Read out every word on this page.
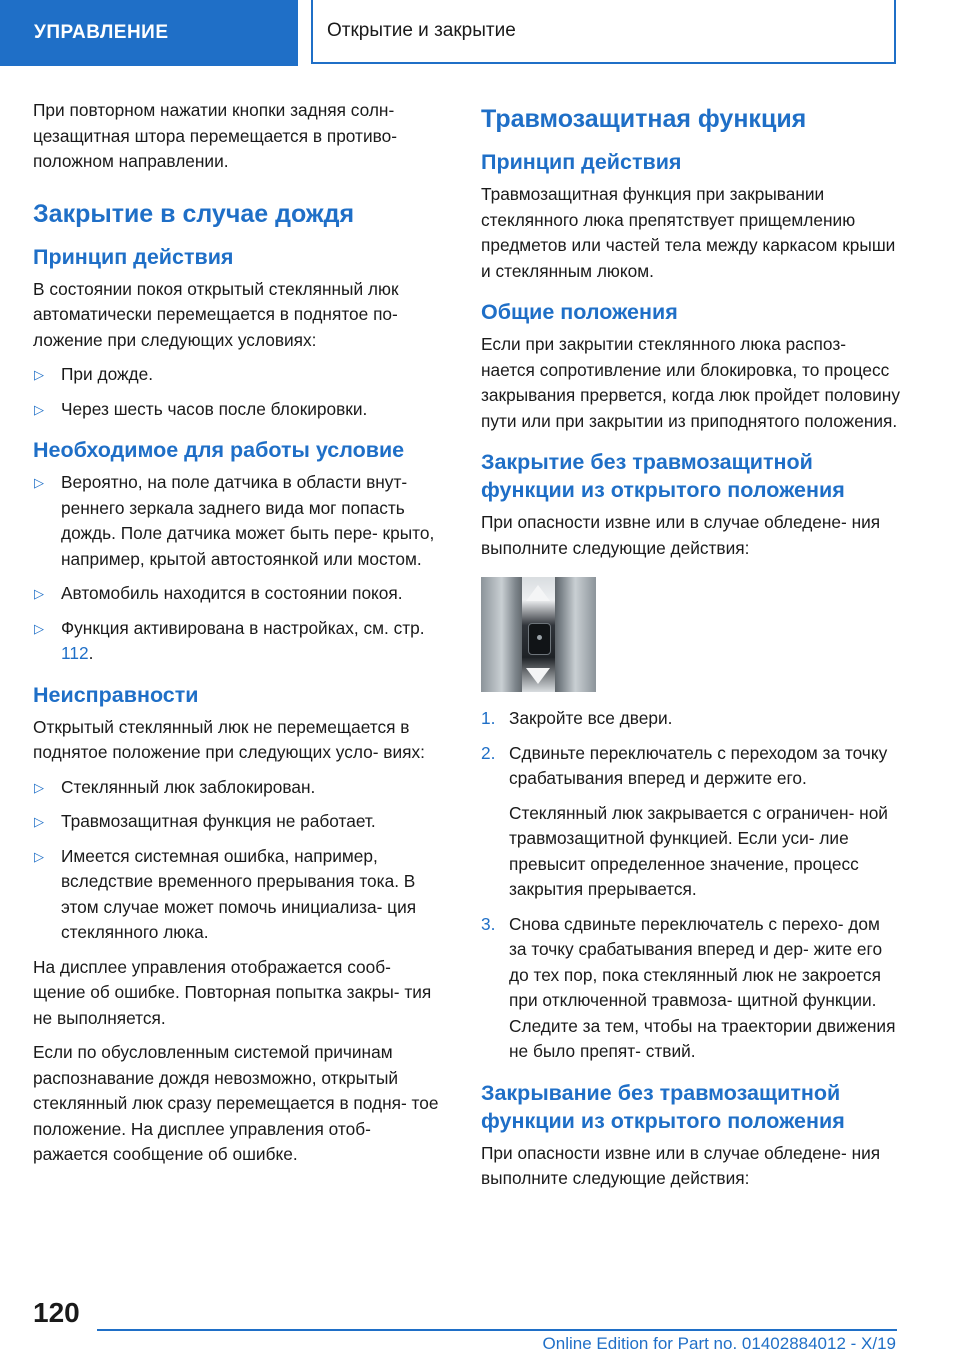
УПРАВЛЕНИЕ	Открытие и закрытие

При повторном нажатии кнопки задняя солн- цезащитная штора перемещается в противо- положном направлении.

Закрытие в случае дождя
Принцип действия

В состоянии покоя открытый стеклянный люк автоматически перемещается в поднятое по- ложение при следующих условиях:

▷ При дожде.
▷ Через шесть часов после блокировки.
Необходимое для работы условие
▷ Вероятно, на поле датчика в области внут- реннего зеркала заднего вида мог попасть дождь. Поле датчика может быть пере- крыто, например, крытой автостоянкой или мостом.
▷ Автомобиль находится в состоянии покоя.
▷ Функция активирована в настройках, см. стр. 112.
Неисправности

Открытый стеклянный люк не перемещается в поднятое положение при следующих усло- виях:

▷ Стеклянный люк заблокирован.
▷ Травмозащитная функция не работает.
▷ Имеется системная ошибка, например, вследствие временного прерывания тока. В этом случае может помочь инициализа- ция стеклянного люка.

На дисплее управления отображается сооб- щение об ошибке. Повторная попытка закры- тия не выполняется.

Если по обусловленным системой причинам распознавание дождя невозможно, открытый стеклянный люк сразу перемещается в подня- тое положение. На дисплее управления отоб- ражается сообщение об ошибке.

Травмозащитная функция
Принцип действия

Травмозащитная функция при закрывании стеклянного люка препятствует прищемлению предметов или частей тела между каркасом крыши и стеклянным люком.

Общие положения

Если при закрытии стеклянного люка распоз- нается сопротивление или блокировка, то процесс закрывания прервется, когда люк пройдет половину пути или при закрытии из приподнятого положения.

Закрытие без травмозащитной функции из открытого положения

При опасности извне или в случае обледене- ния выполните следующие действия:

1. Закройте все двери.
2. Сдвиньте переключатель с переходом за точку срабатывания вперед и держите его.

Стеклянный люк закрывается с ограничен- ной травмозащитной функцией. Если уси- лие превысит определенное значение, процесс закрытия прерывается.

3. Снова сдвиньте переключатель с перехо- дом за точку срабатывания вперед и дер- жите его до тех пор, пока стеклянный люк не закроется при отключенной травмоза- щитной функции. Следите за тем, чтобы на траектории движения не было препят- ствий.
Закрывание без травмозащитной функции из открытого положения

При опасности извне или в случае обледене- ния выполните следующие действия:

120
Online Edition for Part no. 01402884012 - X/19
